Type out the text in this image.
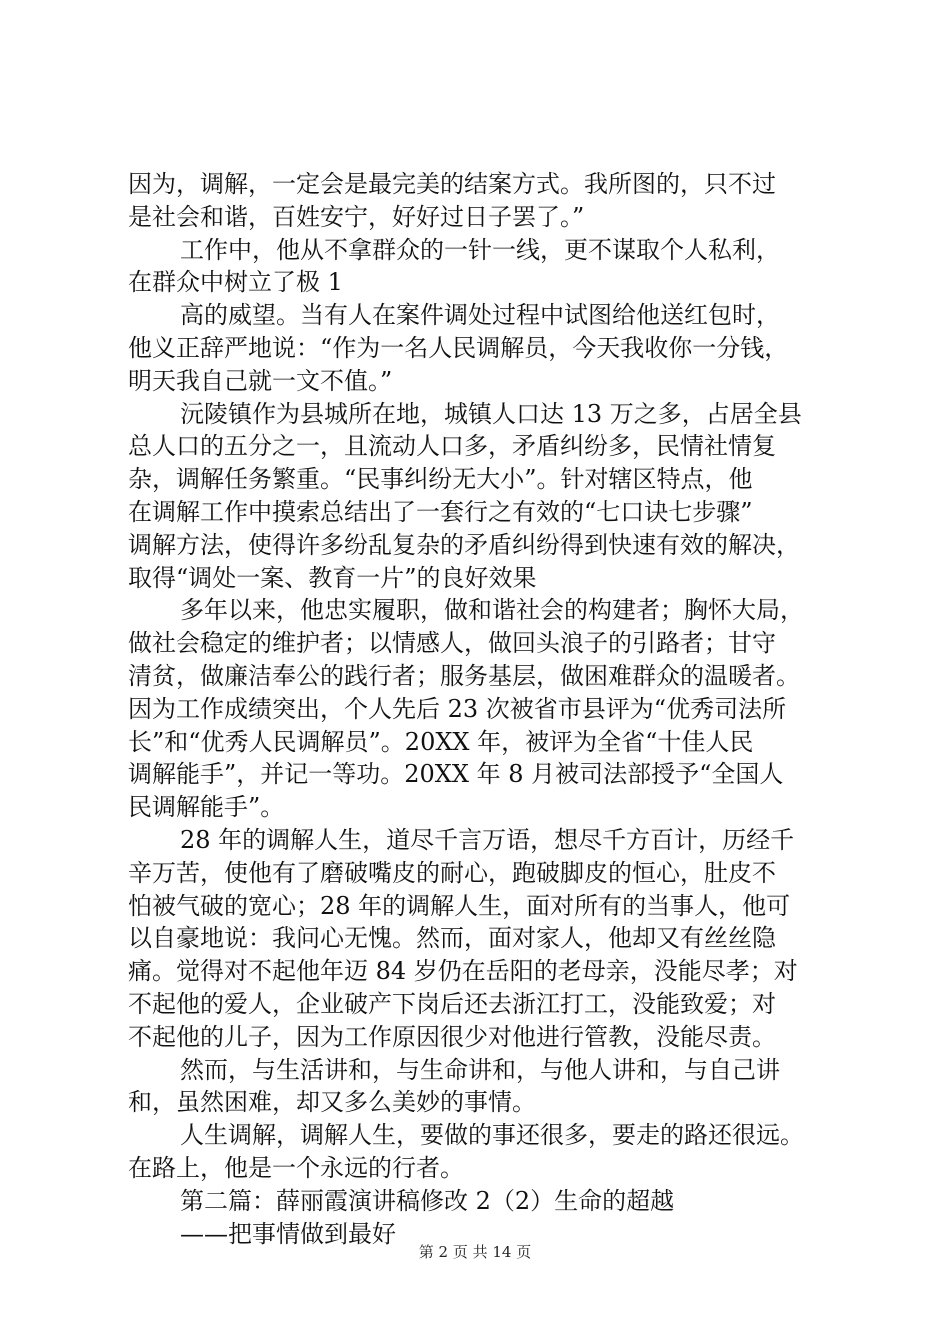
因为，调解，一定会是最完美的结案方式。我所图的，只不过
是社会和谐，百姓安宁，好好过日子罢了。”
工作中，他从不拿群众的一针一线，更不谋取个人私利，
在群众中树立了极 1
高的威望。当有人在案件调处过程中试图给他送红包时，
他义正辞严地说：“作为一名人民调解员，今天我收你一分钱，
明天我自己就一文不值。”
沅陵镇作为县城所在地，城镇人口达 13 万之多，占居全县
总人口的五分之一，且流动人口多，矛盾纠纷多，民情社情复
杂，调解任务繁重。“民事纠纷无大小”。针对辖区特点，他
在调解工作中摸索总结出了一套行之有效的“七口诀七步骤”
调解方法，使得许多纷乱复杂的矛盾纠纷得到快速有效的解决，
取得“调处一案、教育一片”的良好效果
多年以来，他忠实履职，做和谐社会的构建者；胸怀大局，
做社会稳定的维护者；以情感人，做回头浪子的引路者；甘守
清贫，做廉洁奉公的践行者；服务基层，做困难群众的温暖者。
因为工作成绩突出，个人先后 23 次被省市县评为“优秀司法所
长”和“优秀人民调解员”。20XX 年，被评为全省“十佳人民
调解能手”，并记一等功。20XX 年 8 月被司法部授予“全国人
民调解能手”。
28 年的调解人生，道尽千言万语，想尽千方百计，历经千
辛万苦，使他有了磨破嘴皮的耐心，跑破脚皮的恒心，肚皮不
怕被气破的宽心；28 年的调解人生，面对所有的当事人，他可
以自豪地说：我问心无愧。然而，面对家人，他却又有丝丝隐
痛。觉得对不起他年迈 84 岁仍在岳阳的老母亲，没能尽孝；对
不起他的爱人，企业破产下岗后还去浙江打工，没能致爱；对
不起他的儿子，因为工作原因很少对他进行管教，没能尽责。
然而，与生活讲和，与生命讲和，与他人讲和，与自己讲
和，虽然困难，却又多么美妙的事情。
人生调解，调解人生，要做的事还很多，要走的路还很远。
在路上，他是一个永远的行者。
第二篇：薛丽霞演讲稿修改 2（2）生命的超越
——把事情做到最好
第 2 页 共 14 页
